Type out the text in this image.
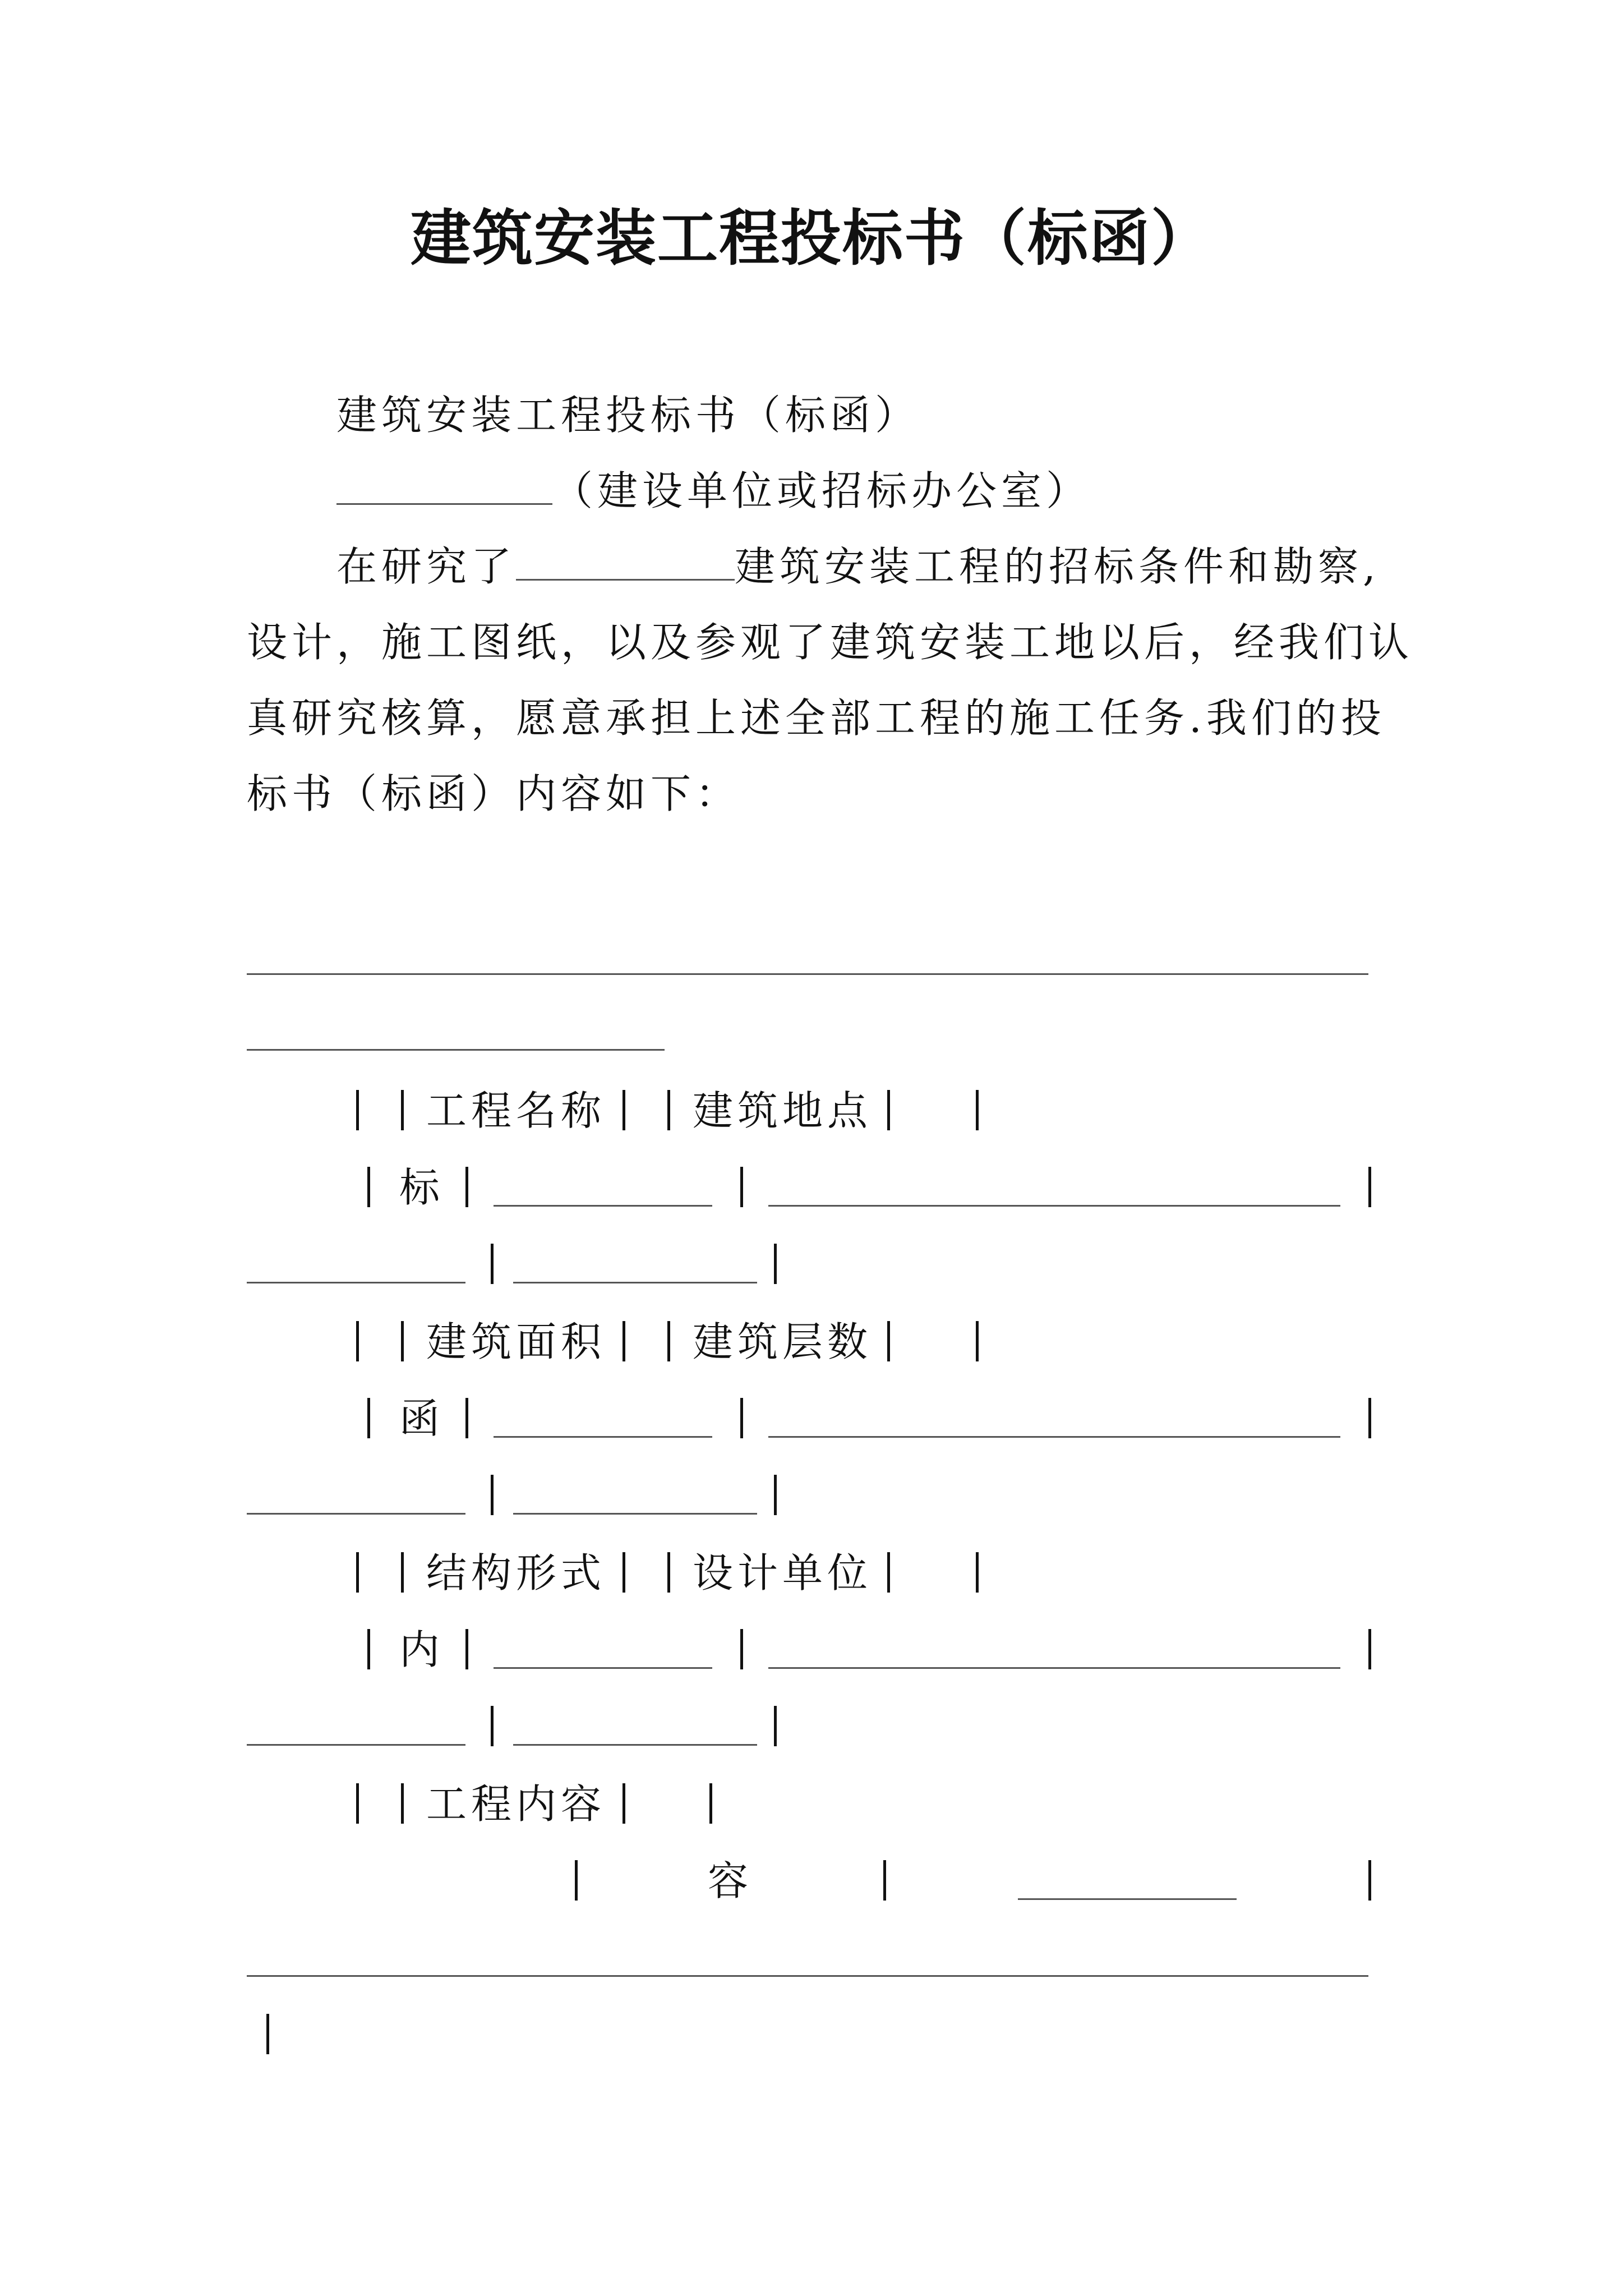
建筑安装工程投标书（标函）
建筑安装工程投标书（标函）
（建设单位或招标办公室）
在研究了	建筑安装工程的招标条件和勘察,
设计，施工图纸，以及参观了建筑安装工地以后，经我们认
真研究核算，愿意承担上述全部工程的施工任务.我们的投
标书（标函）内容如下：
工程名称 建筑地点
标
建筑面积 建筑层数
函
结构形式 设计单位
内
工程内容
容
